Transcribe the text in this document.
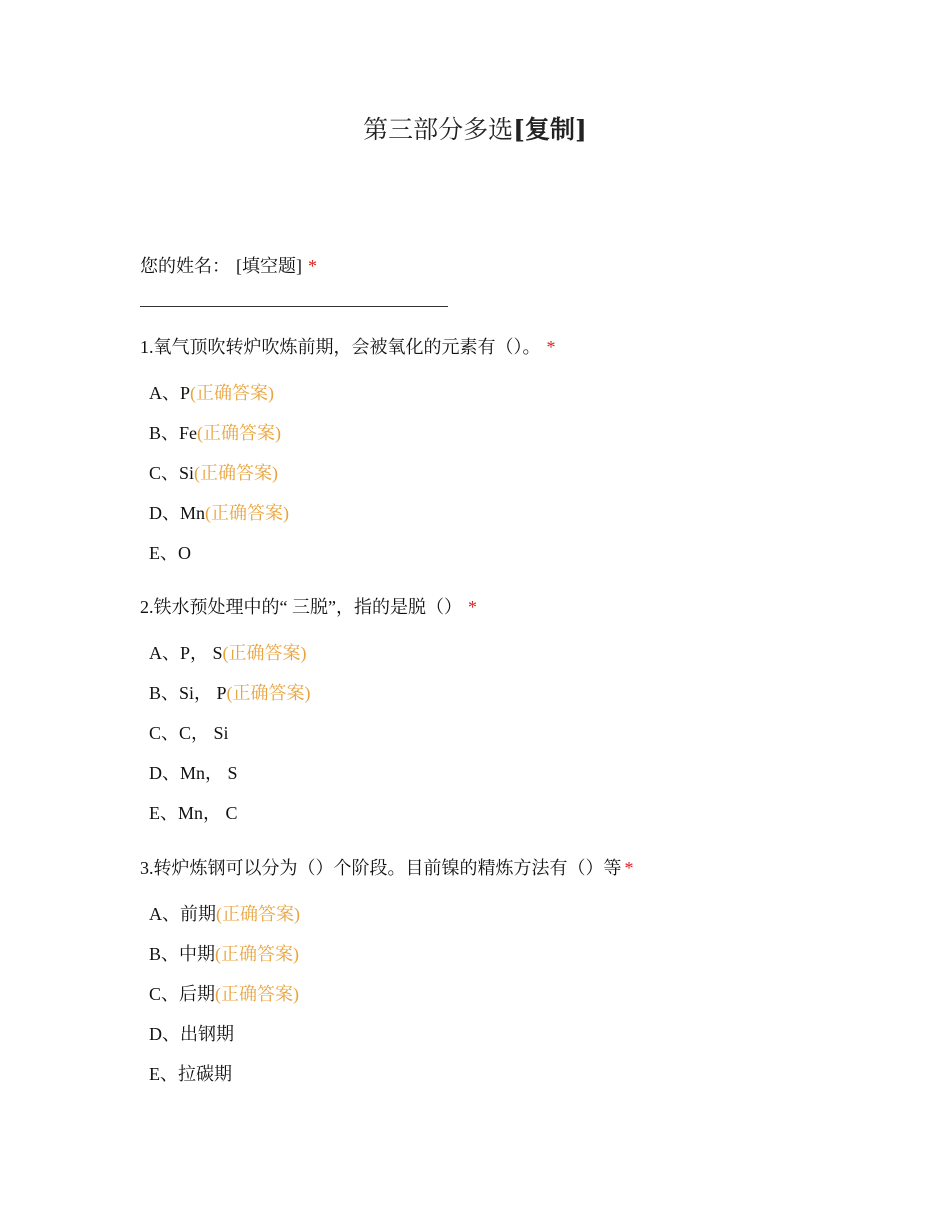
第三部分多选[复制]
您的姓名： [填空题] *
1.氧气顶吹转炉吹炼前期，会被氧化的元素有（）。 *
A、P(正确答案)
B、Fe(正确答案)
C、Si(正确答案)
D、Mn(正确答案)
E、O
2.铁水预处理中的“ 三脱”，指的是脱（） *
A、P， S(正确答案)
B、Si， P(正确答案)
C、C， Si
D、Mn， S
E、Mn， C
3.转炉炼钢可以分为（）个阶段。目前镍的精炼方法有（）等 *
A、前期(正确答案)
B、中期(正确答案)
C、后期(正确答案)
D、出钢期
E、拉碳期
